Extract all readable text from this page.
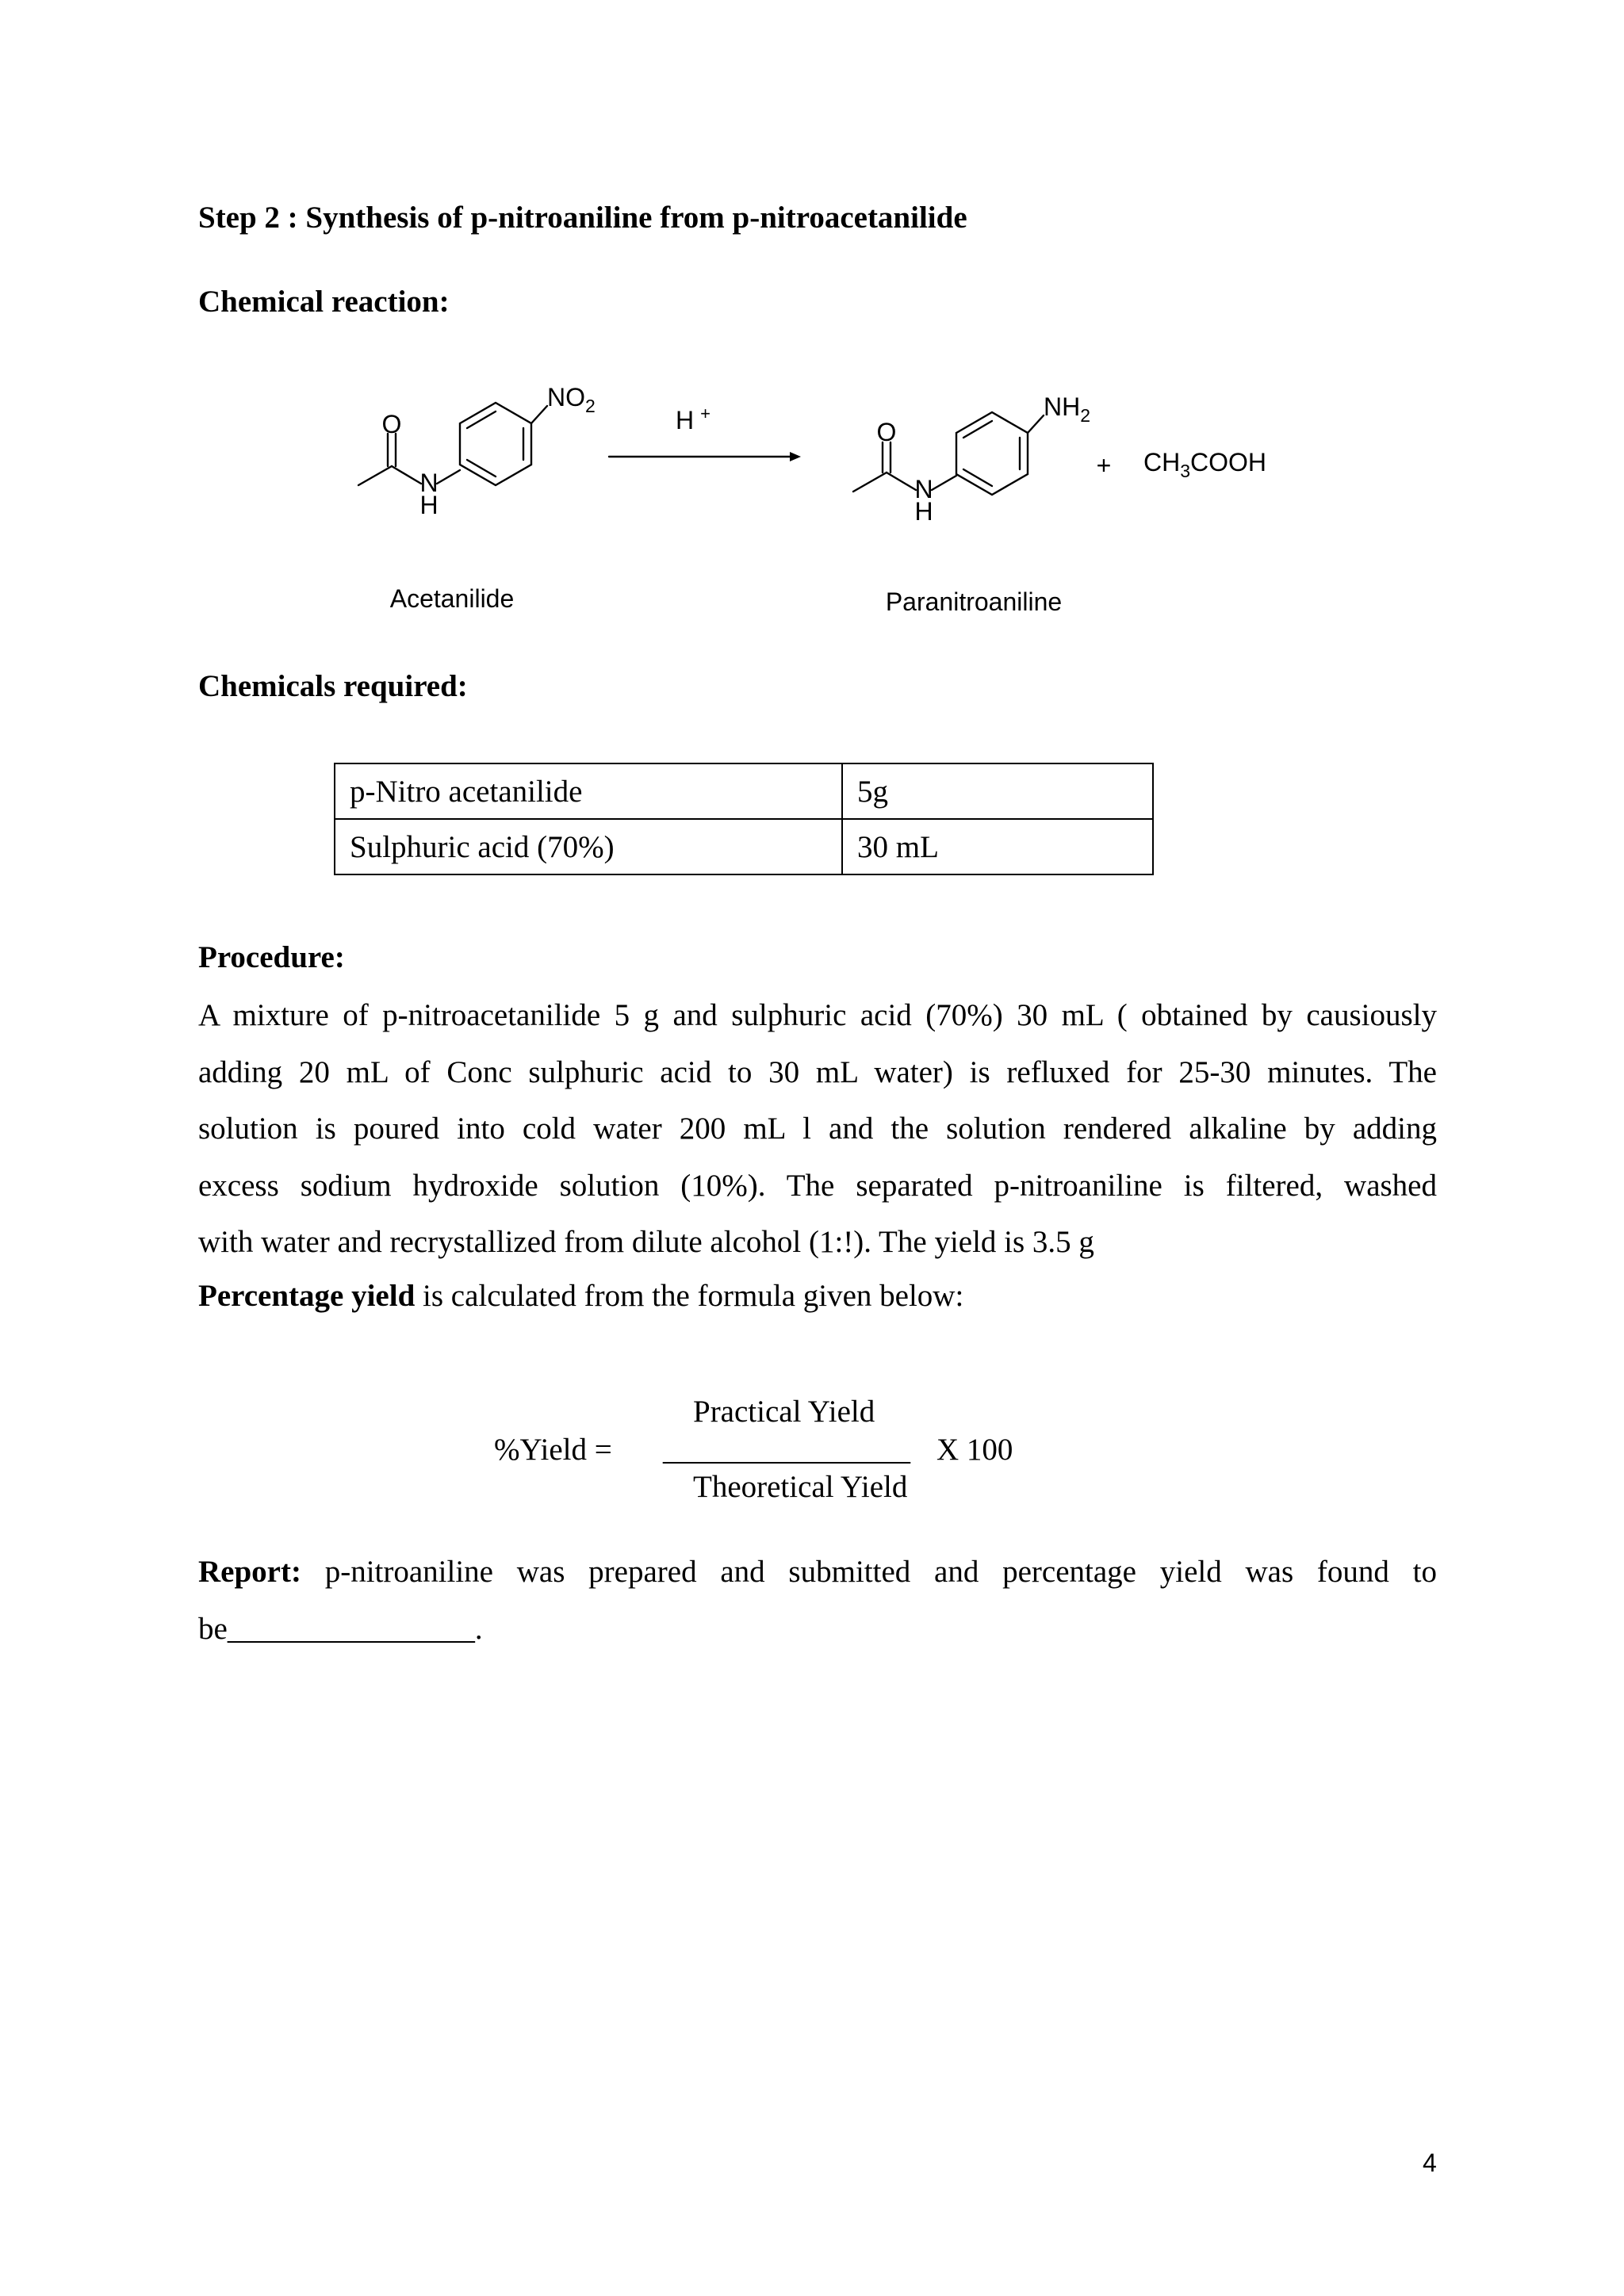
Step 2 : Synthesis of p-nitroaniline from p-nitroacetanilide
Chemical reaction:
O
N
H
$NO_2$	H +
O
N
H
$NH_2$
+ $CH_3COOH$
Acetanilide	Paranitroaniline
Chemicals required:
p-Nitro acetanilide	5g
Sulphuric acid (70%)	30 mL
Procedure:
A mixture of p-nitroacetanilide 5 g and sulphuric acid (70%) 30 mL ( obtained by causiously
adding 20 mL of Conc sulphuric acid to 30 mL water) is refluxed for 25-30 minutes. The
solution is poured into cold water 200 mL l and the solution rendered alkaline by adding
excess sodium hydroxide solution (10%). The separated p-nitroaniline is filtered, washed
with water and recrystallized from dilute alcohol (1:!). The yield is 3.5 g
Percentage yield is calculated from the formula given below:
Practical Yield
%Yield = ________________ X 100
Theoretical Yield
Report: p-nitroaniline was prepared and submitted and percentage yield was found to
be________________.
4
